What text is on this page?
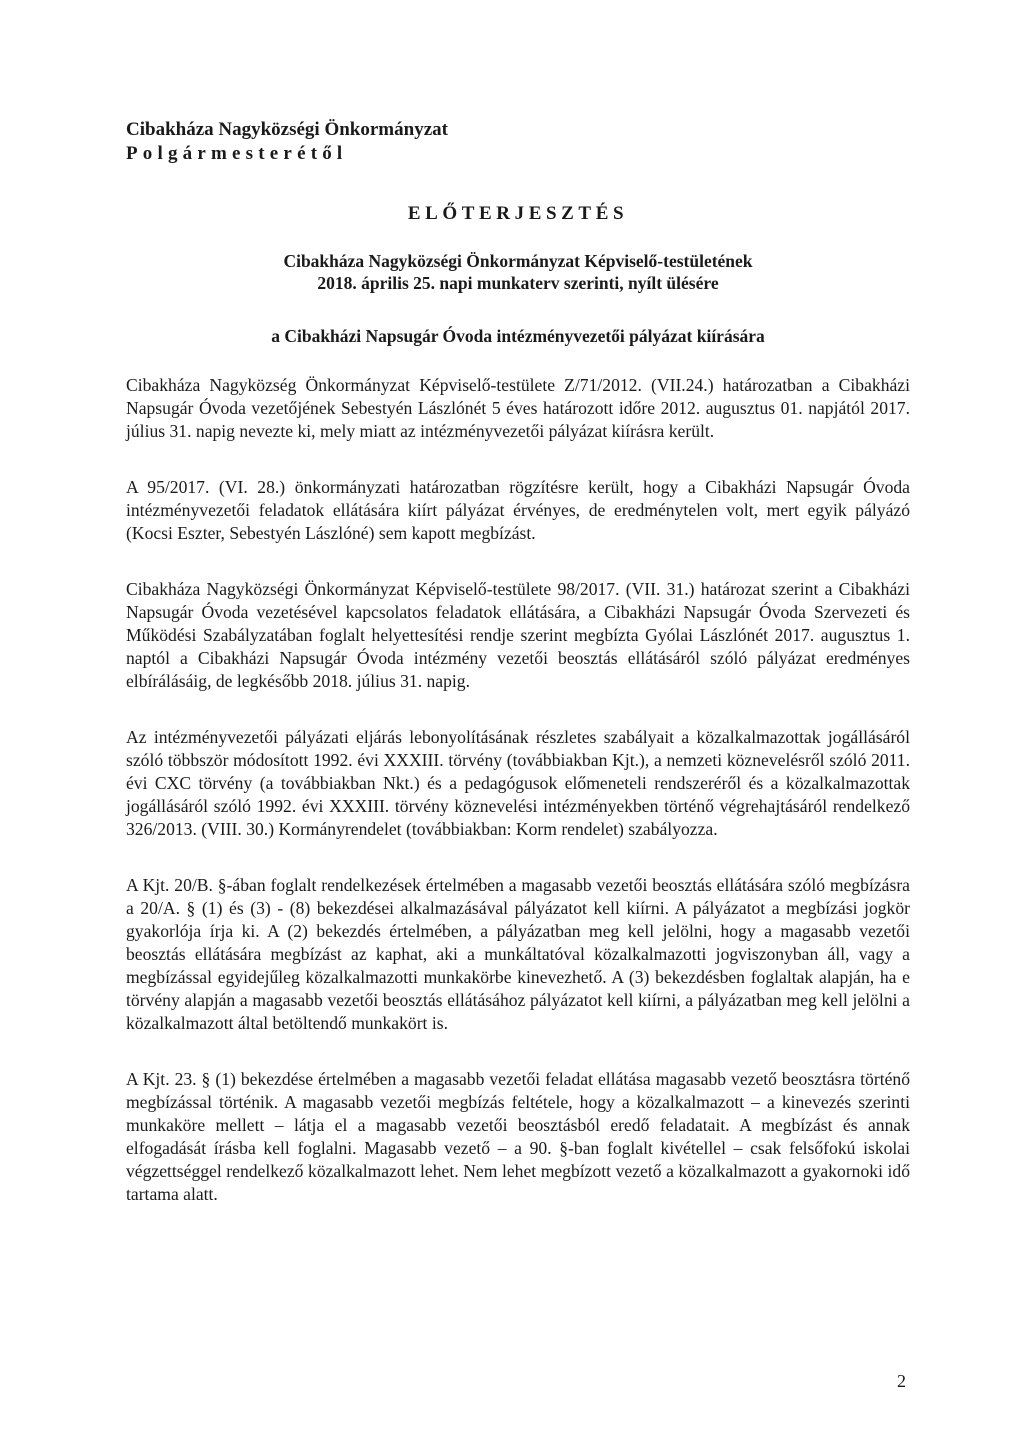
Cibakháza Nagyközségi Önkormányzat

Polgármesterétől

ELŐTERJESZTÉS

Cibakháza Nagyközségi Önkormányzat Képviselő-testületének

2018. április 25. napi munkaterv szerinti, nyílt ülésére

a Cibakházi Napsugár Óvoda intézményvezetői pályázat kiírására

Cibakháza Nagyközség Önkormányzat Képviselő-testülete Z/71/2012. (VII.24.) határozatban a Cibakházi Napsugár Óvoda vezetőjének Sebestyén Lászlónét 5 éves határozott időre 2012. augusztus 01. napjától 2017. július 31. napig nevezte ki, mely miatt az intézményvezetői pályázat kiírásra került.

A 95/2017. (VI. 28.) önkormányzati határozatban rögzítésre került, hogy a Cibakházi Napsugár Óvoda intézményvezetői feladatok ellátására kiírt pályázat érvényes, de eredménytelen volt, mert egyik pályázó (Kocsi Eszter, Sebestyén Lászlóné) sem kapott megbízást.

Cibakháza Nagyközségi Önkormányzat Képviselő-testülete 98/2017. (VII. 31.) határozat szerint a Cibakházi Napsugár Óvoda vezetésével kapcsolatos feladatok ellátására, a Cibakházi Napsugár Óvoda Szervezeti és Működési Szabályzatában foglalt helyettesítési rendje szerint megbízta Gyólai Lászlónét 2017. augusztus 1. naptól a Cibakházi Napsugár Óvoda intézmény vezetői beosztás ellátásáról szóló pályázat eredményes elbírálásáig, de legkésőbb 2018. július 31. napig.

Az intézményvezetői pályázati eljárás lebonyolításának részletes szabályait a közalkalmazottak jogállásáról szóló többször módosított 1992. évi XXXIII. törvény (továbbiakban Kjt.), a nemzeti köznevelésről szóló 2011. évi CXC törvény (a továbbiakban Nkt.) és a pedagógusok előmeneteli rendszeréről és a közalkalmazottak jogállásáról szóló 1992. évi XXXIII. törvény köznevelési intézményekben történő végrehajtásáról rendelkező 326/2013. (VIII. 30.) Kormányrendelet (továbbiakban: Korm rendelet) szabályozza.

A Kjt. 20/B. §-ában foglalt rendelkezések értelmében a magasabb vezetői beosztás ellátására szóló megbízásra a 20/A. § (1) és (3) - (8) bekezdései alkalmazásával pályázatot kell kiírni. A pályázatot a megbízási jogkör gyakorlója írja ki. A (2) bekezdés értelmében, a pályázatban meg kell jelölni, hogy a magasabb vezetői beosztás ellátására megbízást az kaphat, aki a munkáltatóval közalkalmazotti jogviszonyban áll, vagy a megbízással egyidejűleg közalkalmazotti munkakörbe kinevezhető. A (3) bekezdésben foglaltak alapján, ha e törvény alapján a magasabb vezetői beosztás ellátásához pályázatot kell kiírni, a pályázatban meg kell jelölni a közalkalmazott által betöltendő munkakört is.

A Kjt. 23. § (1) bekezdése értelmében a magasabb vezetői feladat ellátása magasabb vezető beosztásra történő megbízással történik. A magasabb vezetői megbízás feltétele, hogy a közalkalmazott – a kinevezés szerinti munkaköre mellett – látja el a magasabb vezetői beosztásból eredő feladatait. A megbízást és annak elfogadását írásba kell foglalni. Magasabb vezető – a 90. §-ban foglalt kivétellel – csak felsőfokú iskolai végzettséggel rendelkező közalkalmazott lehet. Nem lehet megbízott vezető a közalkalmazott a gyakornoki idő tartama alatt.

2
